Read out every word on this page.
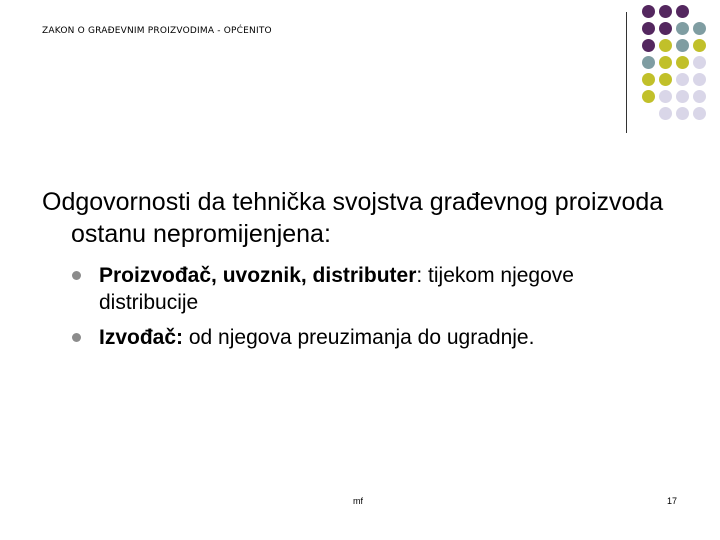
ZAKON O GRAĐEVNIM PROIZVODIMA - OPĆENITO
Odgovornosti da tehnička svojstva građevnog proizvoda ostanu nepromijenjena:
Proizvođač, uvoznik, distributer: tijekom njegove distribucije
Izvođač: od njegova preuzimanja do ugradnje.
mf	17
